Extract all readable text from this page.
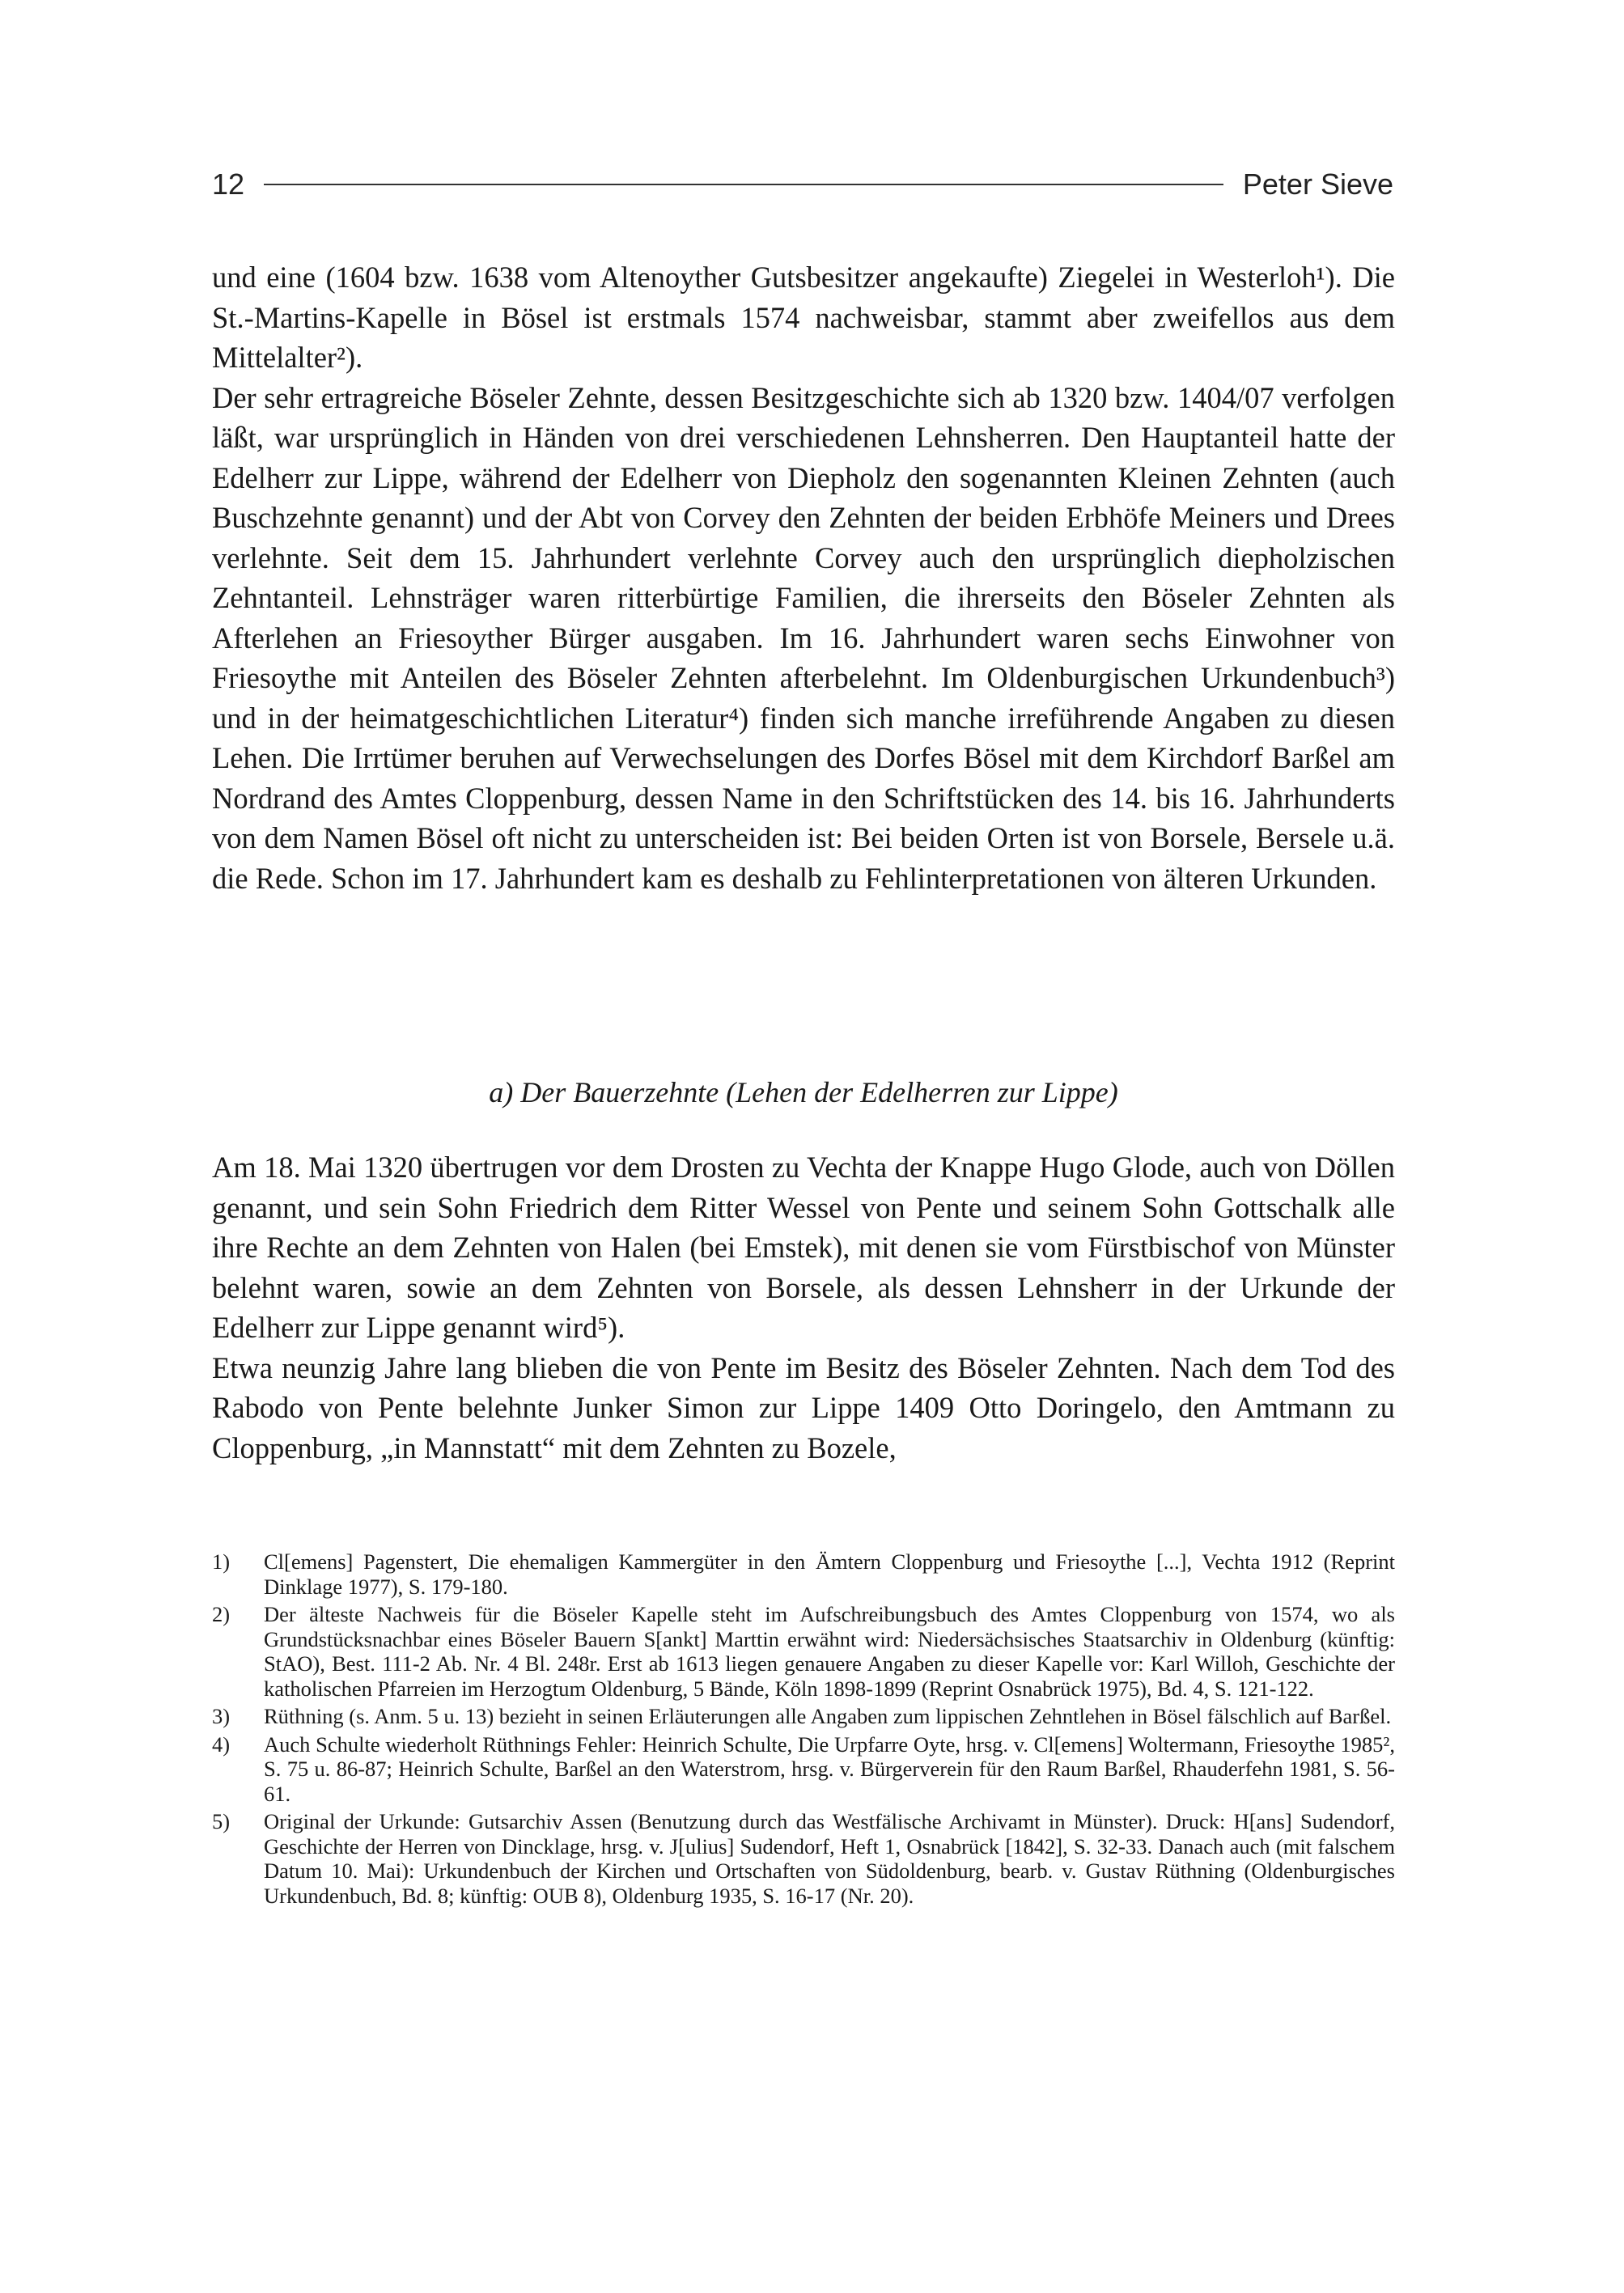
12	Peter Sieve

und eine (1604 bzw. 1638 vom Altenoyther Gutsbesitzer angekaufte) Ziegelei in Westerloh¹). Die St.-Martins-Kapelle in Bösel ist erstmals 1574 nachweisbar, stammt aber zweifellos aus dem Mittelalter²).

Der sehr ertragreiche Böseler Zehnte, dessen Besitzgeschichte sich ab 1320 bzw. 1404/07 verfolgen läßt, war ursprünglich in Händen von drei verschiedenen Lehnsherren. Den Hauptanteil hatte der Edelherr zur Lippe, während der Edelherr von Diepholz den sogenannten Kleinen Zehnten (auch Buschzehnte genannt) und der Abt von Corvey den Zehnten der beiden Erbhöfe Meiners und Drees verlehnte. Seit dem 15. Jahrhundert verlehnte Corvey auch den ursprünglich diepholzischen Zehntanteil. Lehnsträger waren ritterbürtige Familien, die ihrerseits den Böseler Zehnten als Afterlehen an Friesoyther Bürger ausgaben. Im 16. Jahrhundert waren sechs Einwohner von Friesoythe mit Anteilen des Böseler Zehnten afterbelehnt. Im Oldenburgischen Urkundenbuch³) und in der heimatgeschichtlichen Literatur⁴) finden sich manche irreführende Angaben zu diesen Lehen. Die Irrtümer beruhen auf Verwechselungen des Dorfes Bösel mit dem Kirchdorf Barßel am Nordrand des Amtes Cloppenburg, dessen Name in den Schriftstücken des 14. bis 16. Jahrhunderts von dem Namen Bösel oft nicht zu unterscheiden ist: Bei beiden Orten ist von Borsele, Bersele u.ä. die Rede. Schon im 17. Jahrhundert kam es deshalb zu Fehlinterpretationen von älteren Urkunden.

a) Der Bauerzehnte (Lehen der Edelherren zur Lippe)

Am 18. Mai 1320 übertrugen vor dem Drosten zu Vechta der Knappe Hugo Glode, auch von Döllen genannt, und sein Sohn Friedrich dem Ritter Wessel von Pente und seinem Sohn Gottschalk alle ihre Rechte an dem Zehnten von Halen (bei Emstek), mit denen sie vom Fürstbischof von Münster belehnt waren, sowie an dem Zehnten von Borsele, als dessen Lehnsherr in der Urkunde der Edelherr zur Lippe genannt wird⁵).

Etwa neunzig Jahre lang blieben die von Pente im Besitz des Böseler Zehnten. Nach dem Tod des Rabodo von Pente belehnte Junker Simon zur Lippe 1409 Otto Doringelo, den Amtmann zu Cloppenburg, „in Mannstatt“ mit dem Zehnten zu Bozele,

1)	Cl[emens] Pagenstert, Die ehemaligen Kammergüter in den Ämtern Cloppenburg und Friesoythe [...], Vechta 1912 (Reprint Dinklage 1977), S. 179-180.
2)	Der älteste Nachweis für die Böseler Kapelle steht im Aufschreibungsbuch des Amtes Cloppenburg von 1574, wo als Grundstücksnachbar eines Böseler Bauern S[ankt] Marttin erwähnt wird: Niedersächsisches Staatsarchiv in Oldenburg (künftig: StAO), Best. 111-2 Ab. Nr. 4 Bl. 248r. Erst ab 1613 liegen genauere Angaben zu dieser Kapelle vor: Karl Willoh, Geschichte der katholischen Pfarreien im Herzogtum Oldenburg, 5 Bände, Köln 1898-1899 (Reprint Osnabrück 1975), Bd. 4, S. 121-122.
3)	Rüthning (s. Anm. 5 u. 13) bezieht in seinen Erläuterungen alle Angaben zum lippischen Zehntlehen in Bösel fälschlich auf Barßel.
4)	Auch Schulte wiederholt Rüthnings Fehler: Heinrich Schulte, Die Urpfarre Oyte, hrsg. v. Cl[emens] Woltermann, Friesoythe 1985², S. 75 u. 86-87; Heinrich Schulte, Barßel an den Waterstrom, hrsg. v. Bürgerverein für den Raum Barßel, Rhauderfehn 1981, S. 56-61.
5)	Original der Urkunde: Gutsarchiv Assen (Benutzung durch das Westfälische Archivamt in Münster). Druck: H[ans] Sudendorf, Geschichte der Herren von Dincklage, hrsg. v. J[ulius] Sudendorf, Heft 1, Osnabrück [1842], S. 32-33. Danach auch (mit falschem Datum 10. Mai): Urkundenbuch der Kirchen und Ortschaften von Südoldenburg, bearb. v. Gustav Rüthning (Oldenburgisches Urkundenbuch, Bd. 8; künftig: OUB 8), Oldenburg 1935, S. 16-17 (Nr. 20).
